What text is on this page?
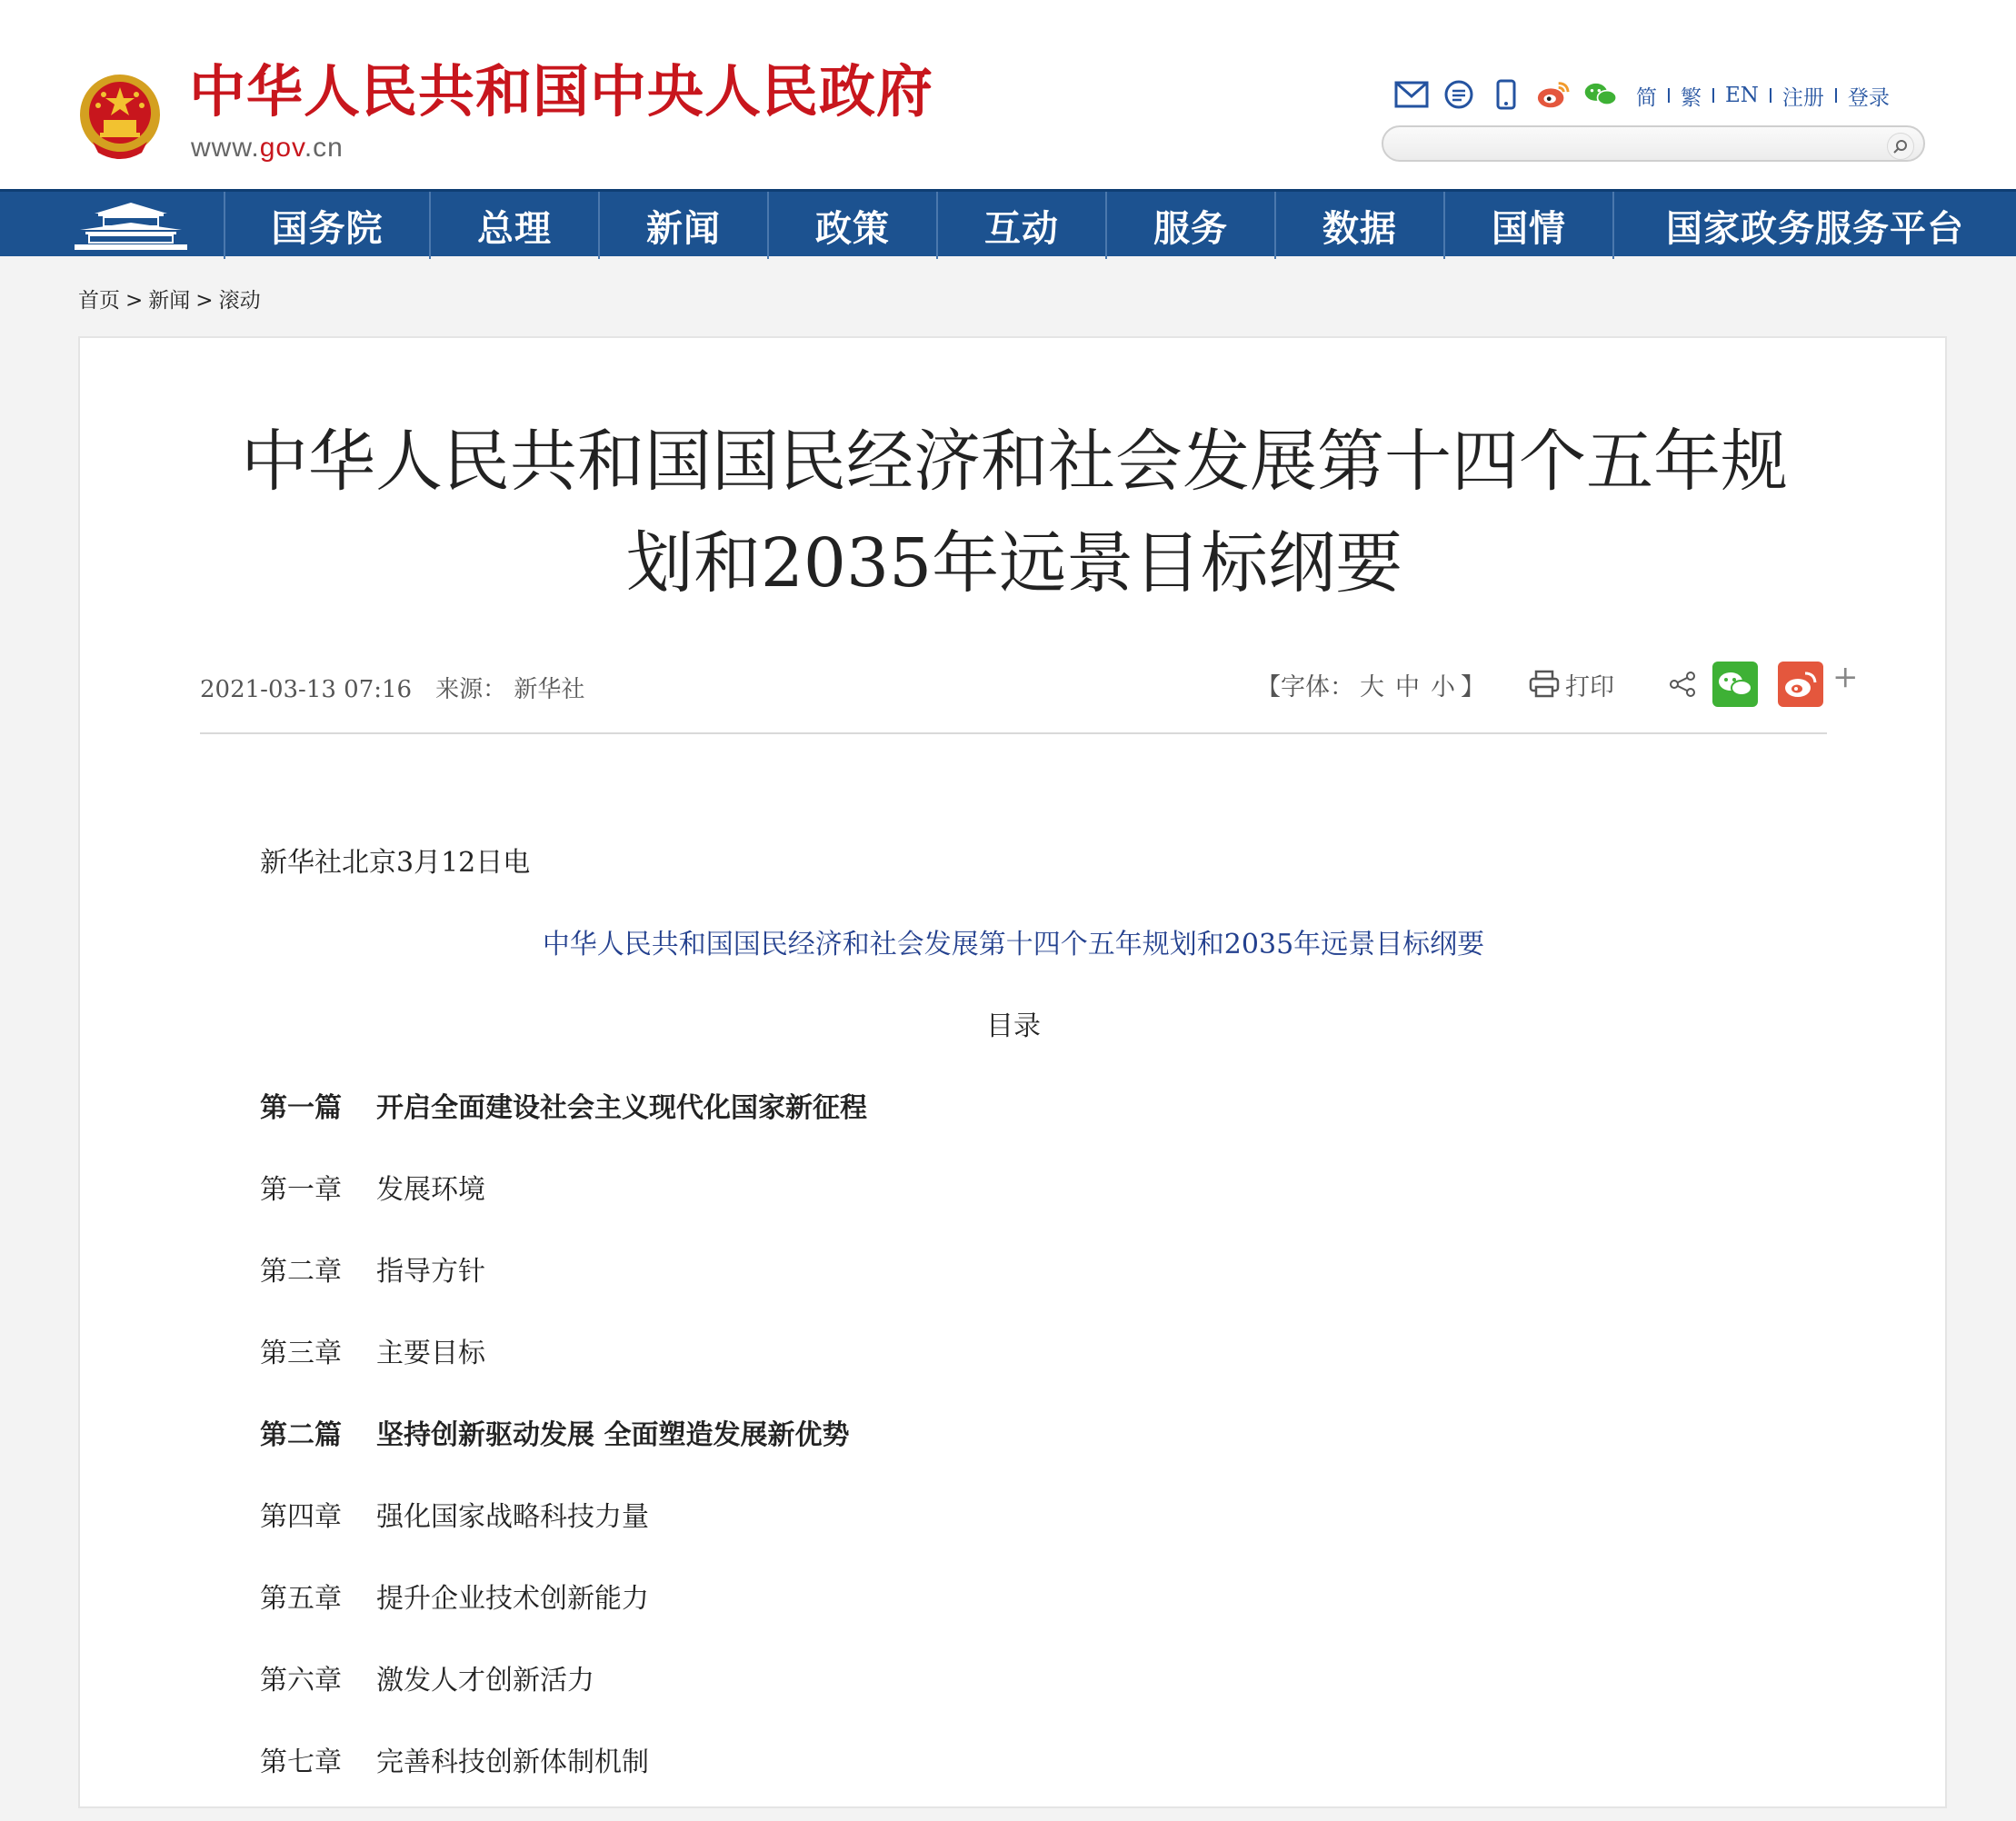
中华人民共和国中央人民政府
www.gov.cn
简	繁	EN	注册	登录
国务院	总理	新闻	政策	互动	服务	数据	国情	国家政务服务平台
首页 > 新闻 > 滚动
中华人民共和国国民经济和社会发展第十四个五年规
划和2035年远景目标纲要
2021-03-13 07:16 来源： 新华社	【字体： 大 中 小 】	打印	+
新华社北京3月12日电
中华人民共和国国民经济和社会发展第十四个五年规划和2035年远景目标纲要
目录
第一篇	开启全面建设社会主义现代化国家新征程
第一章	发展环境
第二章	指导方针
第三章	主要目标
第二篇	坚持创新驱动发展 全面塑造发展新优势
第四章	强化国家战略科技力量
第五章	提升企业技术创新能力
第六章	激发人才创新活力
第七章	完善科技创新体制机制
